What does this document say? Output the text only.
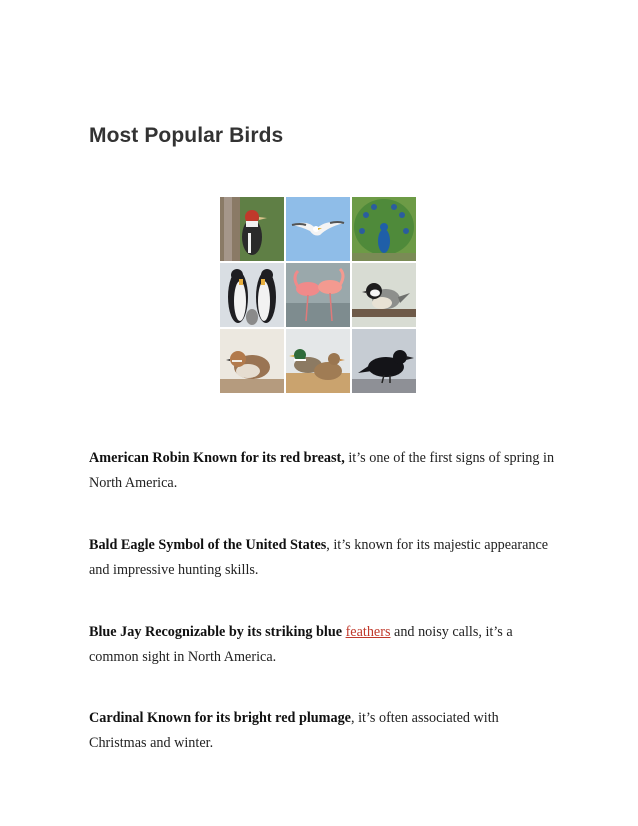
Most Popular Birds

American Robin Known for its red breast, it’s one of the first signs of spring in North America.

Bald Eagle Symbol of the United States, it’s known for its majestic appearance and impressive hunting skills.

Blue Jay Recognizable by its striking blue feathers and noisy calls, it’s a common sight in North America.

Cardinal Known for its bright red plumage, it’s often associated with Christmas and winter.
